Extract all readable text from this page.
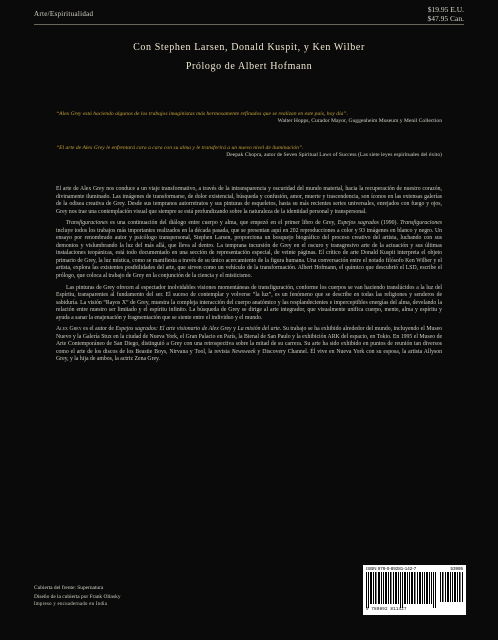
Arte/Espiritualidad	$19.95 E.U.
$47.95 Can.
Con Stephen Larsen, Donald Kuspit, y Ken Wilber
Prólogo de Albert Hofmann
“Alex Grey está haciendo algunos de los trabajos imaginistas más hermosamente refinados que se realizan en este país, hoy día”.
Walter Hopps, Curador Mayor, Guggenheim Museum y Menil Collection
“El arte de Alex Grey le enfrentará cara a cara con su alma y le transferirá a un nuevo nivel de iluminación”.
Deepak Chopra, autor de Seven Spiritual Laws of Success (Las siete leyes espirituales del éxito)

El arte de Alex Grey nos conduce a un viaje transformativo, a través de la intransparencia y oscuridad del mundo material, hacia la recuperación de nuestro corazón, divinamente iluminado. Las imágenes de transformarse, de dolor existencial, búsqueda y confusión, amor, muerte y trascendencia, son íconos en las extensas galerías de la odisea creativa de Grey. Desde sus tempranos autorretratos y sus pinturas de esqueletos, hasta su más recientes series universales, enrejados con fuego y ojos, Grey nos trae una contemplación visual que siempre se está profundizando sobre la naturaleza de la identidad personal y transpersonal.

Transfiguraciones es una continuación del diálogo entre cuerpo y alma, que empezó en el primer libro de Grey, Espejos sagrados (1990). Transfiguraciones incluye todos los trabajos más importantes realizados en la década pasada, que se presentan aquí en 202 reproducciones a color y 93 imágenes en blanco y negro. Un ensayo por renombrado autor y psicólogo transpersonal, Stephen Larsen, proporciona un bosquejo biográfico del proceso creativo del artista, luchando con sus demonios y vislumbrando la luz del más allá, que lleva al dentro. La temprana incursión de Grey en el oscuro y transgresivo arte de la actuación y sus últimas instalaciones teopánicas, está todo documentado en una sección de representación especial, de veinte páginas. El crítico de arte Donald Kuspit interpreta el objeto primario de Grey, la luz mística, como se manifiesta a través de su único acercamiento de la figura humana. Una conversación entre el notado filósofo Ken Wilber y el artista, explora las existentes posibilidades del arte, que sirven como un vehículo de la transformación. Albert Hofmann, el químico que descubrió el LSD, escribe el prólogo, que coloca al trabajo de Grey en la conjunción de la ciencia y el misticismo.

Las pinturas de Grey ofrecen al espectador inolvidables visiones momentáneas de transfiguración, conforme los cuerpos se van haciendo translúcidos a la luz del Espíritu, transparentes al fundamento del ser. El suceso de contemplar y volverse “la luz”, es un fenómeno que se describe en todas las religiones y senderos de sabiduría. La visión “Rayos X” de Grey, muestra la compleja interacción del cuerpo anatómico y las resplandecientes e imperceptibles energías del alma, develando la relación entre nuestro ser limitado y el espíritu infinito. La búsqueda de Grey se dirige al arte integrador, que visualmente unifica cuerpo, mente, alma y espíritu y ayuda a sanar la enajenación y fragmentación que se siente entre el individuo y el mundo.

Alex Grey es el autor de Espejos sagrados: El arte visionario de Alex Grey y La misión del arte. Su trabajo se ha exhibido alrededor del mundo, incluyendo el Museo Nuevo y la Galería Stux en la ciudad de Nueva York, el Gran Palacio en París, la Bienal de San Paulo y la exhibición ARK del espacio, en Tokio. En 1995 el Museo de Arte Contemporáneo de San Diego, distinguió a Grey con una retrospectiva sobre la mitad de su carrera. Su arte ha sido exhibido en puntos de reunión tan diversos como el arte de los discos de los Beastie Boys, Nirvana y Tool, la revista Newsweek y Discovery Channel. Él vive en Nueva York con su esposa, la artista Allyson Grey, y la hija de ambos, la actriz Zena Grey.

ISBN 978-0-89281-142-7	53995
9 780892 811427
Cubierta del frente: Supernatura
Diseño de la cubierta por Frank Olinsky
Impreso y encuadernado en India
